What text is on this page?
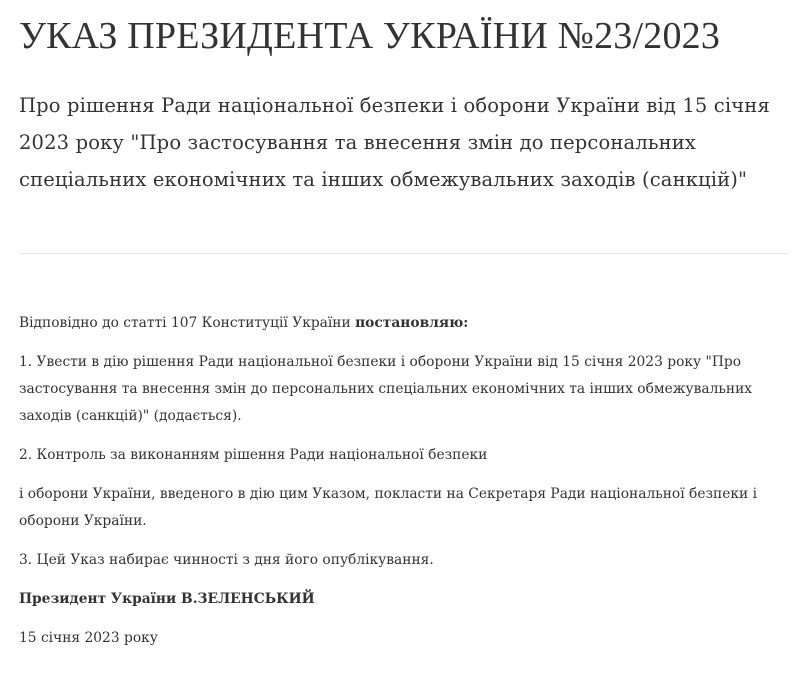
УКАЗ ПРЕЗИДЕНТА УКРАЇНИ №23/2023
Про рішення Ради національної безпеки і оборони України від 15 січня 2023 року "Про застосування та внесення змін до персональних спеціальних економічних та інших обмежувальних заходів (санкцій)"

Відповідно до статті 107 Конституції України постановляю:

1. Увести в дію рішення Ради національної безпеки і оборони України від 15 січня 2023 року "Про застосування та внесення змін до персональних спеціальних економічних та інших обмежувальних заходів (санкцій)" (додається).

2. Контроль за виконанням рішення Ради національної безпеки

і оборони України, введеного в дію цим Указом, покласти на Секретаря Ради національної безпеки і оборони України.

3. Цей Указ набирає чинності з дня його опублікування.

Президент України В.ЗЕЛЕНСЬКИЙ

15 січня 2023 року
